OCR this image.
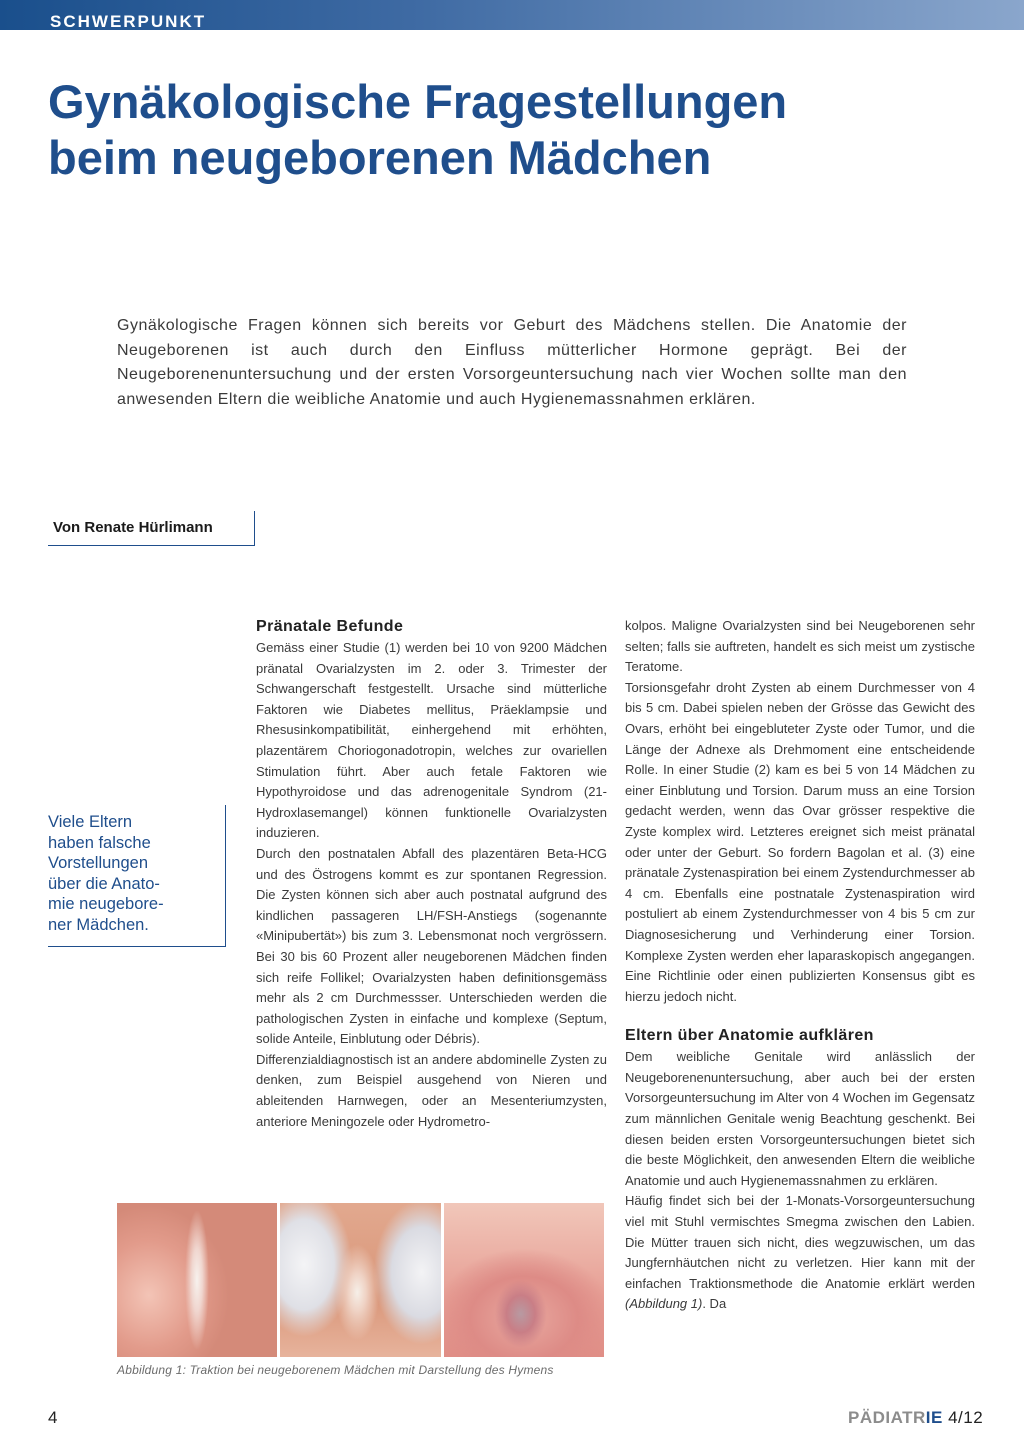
SCHWERPUNKT
Gynäkologische Fragestellungen
beim neugeborenen Mädchen

Gynäkologische Fragen können sich bereits vor Geburt des Mädchens stellen. Die Anatomie der Neugeborenen ist auch durch den Einfluss mütterlicher Hormone geprägt. Bei der Neugeborenenuntersuchung und der ersten Vorsorgeuntersuchung nach vier Wochen sollte man den anwesenden Eltern die weibliche Anatomie und auch Hygienemassnahmen erklären.

Von Renate Hürlimann

Viele Eltern
haben falsche
Vorstellungen
über die Anato-
mie neugebore-
ner Mädchen.

Pränatale Befunde

Gemäss einer Studie (1) werden bei 10 von 9200 Mädchen pränatal Ovarialzysten im 2. oder 3. Trimester der Schwangerschaft festgestellt. Ursache sind mütterliche Faktoren wie Diabetes mellitus, Präeklampsie und Rhesusinkompatibilität, einhergehend mit erhöhten, plazentärem Choriogonadotropin, welches zur ovariellen Stimulation führt. Aber auch fetale Faktoren wie Hypothyroidose und das adrenogenitale Syndrom (21-Hydroxlasemangel) können funktionelle Ovarialzysten induzieren.

Durch den postnatalen Abfall des plazentären Beta-HCG und des Östrogens kommt es zur spontanen Regression. Die Zysten können sich aber auch postnatal aufgrund des kindlichen passageren LH/FSH-Anstiegs (sogenannte «Minipubertät») bis zum 3. Lebensmonat noch vergrössern. Bei 30 bis 60 Prozent aller neugeborenen Mädchen finden sich reife Follikel; Ovarialzysten haben definitionsgemäss mehr als 2 cm Durchmessser. Unterschieden werden die pathologischen Zysten in einfache und komplexe (Septum, solide Anteile, Einblutung oder Débris).

Differenzialdiagnostisch ist an andere abdominelle Zysten zu denken, zum Beispiel ausgehend von Nieren und ableitenden Harnwegen, oder an Mesenteriumzysten, anteriore Meningozele oder Hydrometro-

kolpos. Maligne Ovarialzysten sind bei Neugeborenen sehr selten; falls sie auftreten, handelt es sich meist um zystische Teratome.

Torsionsgefahr droht Zysten ab einem Durchmesser von 4 bis 5 cm. Dabei spielen neben der Grösse das Gewicht des Ovars, erhöht bei eingebluteter Zyste oder Tumor, und die Länge der Adnexe als Drehmoment eine entscheidende Rolle. In einer Studie (2) kam es bei 5 von 14 Mädchen zu einer Einblutung und Torsion. Darum muss an eine Torsion gedacht werden, wenn das Ovar grösser respektive die Zyste komplex wird. Letzteres ereignet sich meist pränatal oder unter der Geburt. So fordern Bagolan et al. (3) eine pränatale Zystenaspiration bei einem Zystendurchmesser ab 4 cm. Ebenfalls eine postnatale Zystenaspiration wird postuliert ab einem Zystendurchmesser von 4 bis 5 cm zur Diagnosesicherung und Verhinderung einer Torsion. Komplexe Zysten werden eher laparaskopisch angegangen. Eine Richtlinie oder einen publizierten Konsensus gibt es hierzu jedoch nicht.

Eltern über Anatomie aufklären

Dem weibliche Genitale wird anlässlich der Neugeborenenuntersuchung, aber auch bei der ersten Vorsorgeuntersuchung im Alter von 4 Wochen im Gegensatz zum männlichen Genitale wenig Beachtung geschenkt. Bei diesen beiden ersten Vorsorgeuntersuchungen bietet sich die beste Möglichkeit, den anwesenden Eltern die weibliche Anatomie und auch Hygienemassnahmen zu erklären.

Häufig findet sich bei der 1-Monats-Vorsorgeuntersuchung viel mit Stuhl vermischtes Smegma zwischen den Labien. Die Mütter trauen sich nicht, dies wegzuwischen, um das Jungfernhäutchen nicht zu verletzen. Hier kann mit der einfachen Traktionsmethode die Anatomie erklärt werden (Abbildung 1). Da

Abbildung 1: Traktion bei neugeborenem Mädchen mit Darstellung des Hymens

4	PÄDIATRIE 4/12
